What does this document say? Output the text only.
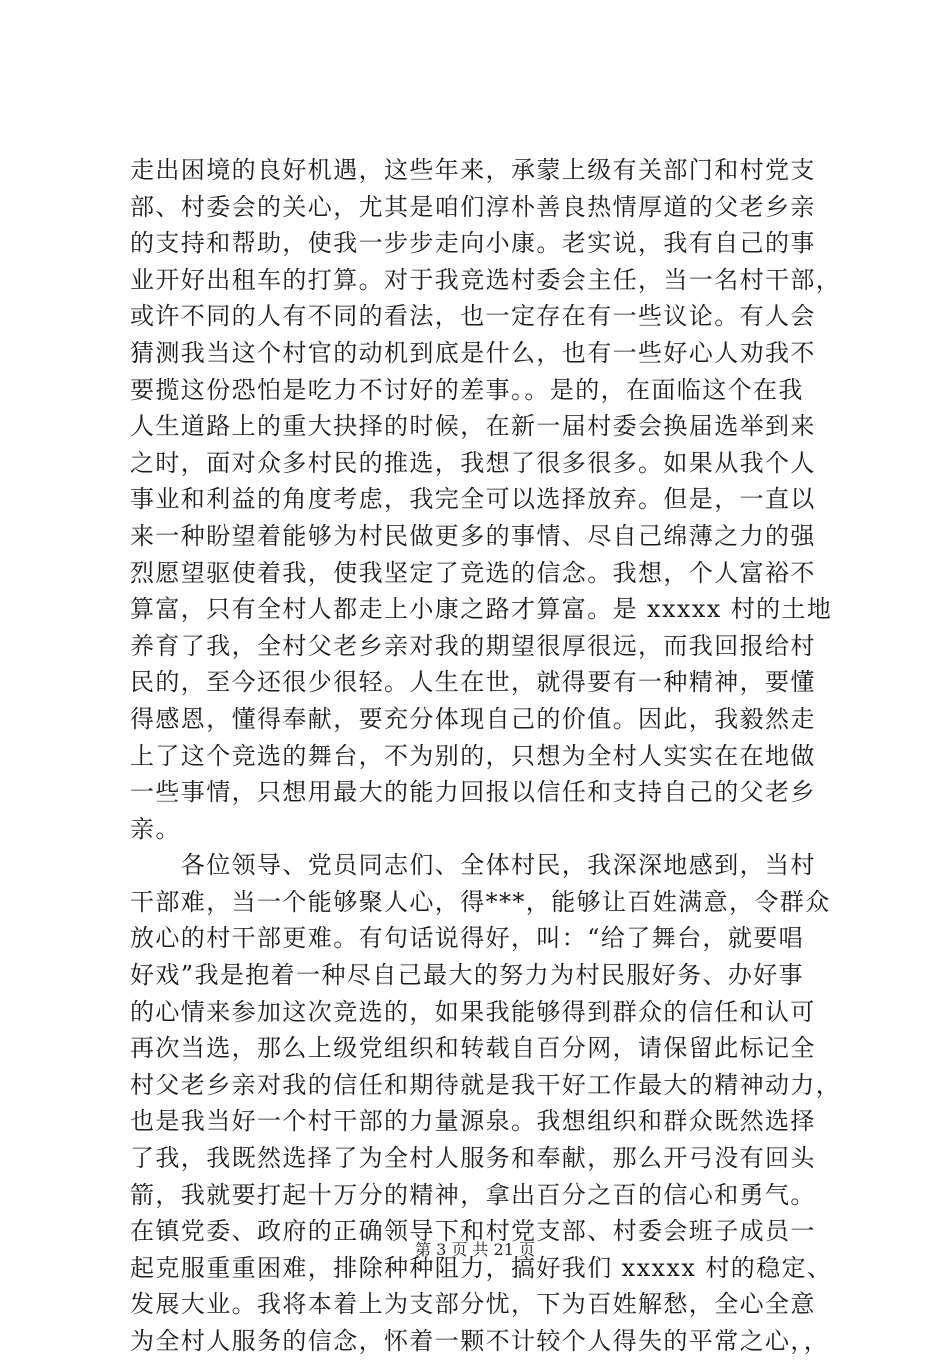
走出困境的良好机遇，这些年来，承蒙上级有关部门和村党支
部、村委会的关心，尤其是咱们淳朴善良热情厚道的父老乡亲
的支持和帮助，使我一步步走向小康。老实说，我有自己的事
业开好出租车的打算。对于我竞选村委会主任，当一名村干部，
或许不同的人有不同的看法，也一定存在有一些议论。有人会
猜测我当这个村官的动机到底是什么，也有一些好心人劝我不
要揽这份恐怕是吃力不讨好的差事。。是的，在面临这个在我
人生道路上的重大抉择的时候，在新一届村委会换届选举到来
之时，面对众多村民的推选，我想了很多很多。如果从我个人
事业和利益的角度考虑，我完全可以选择放弃。但是，一直以
来一种盼望着能够为村民做更多的事情、尽自己绵薄之力的强
烈愿望驱使着我，使我坚定了竞选的信念。我想，个人富裕不
算富，只有全村人都走上小康之路才算富。是 xxxxx 村的土地
养育了我，全村父老乡亲对我的期望很厚很远，而我回报给村
民的，至今还很少很轻。人生在世，就得要有一种精神，要懂
得感恩，懂得奉献，要充分体现自己的价值。因此，我毅然走
上了这个竞选的舞台，不为别的，只想为全村人实实在在地做
一些事情，只想用最大的能力回报以信任和支持自己的父老乡
亲。
　　各位领导、党员同志们、全体村民，我深深地感到，当村
干部难，当一个能够聚人心，得***，能够让百姓满意，令群众
放心的村干部更难。有句话说得好，叫：“给了舞台，就要唱
好戏”我是抱着一种尽自己最大的努力为村民服好务、办好事
的心情来参加这次竞选的，如果我能够得到群众的信任和认可
再次当选，那么上级党组织和转载自百分网，请保留此标记全
村父老乡亲对我的信任和期待就是我干好工作最大的精神动力，
也是我当好一个村干部的力量源泉。我想组织和群众既然选择
了我，我既然选择了为全村人服务和奉献，那么开弓没有回头
箭，我就要打起十万分的精神，拿出百分之百的信心和勇气。
在镇党委、政府的正确领导下和村党支部、村委会班子成员一
起克服重重困难，排除种种阻力，搞好我们 xxxxx 村的稳定、
发展大业。我将本着上为支部分忧，下为百姓解愁，全心全意
为全村人服务的信念，怀着一颗不计较个人得失的平常之心，，
第 3 页 共 21 页
